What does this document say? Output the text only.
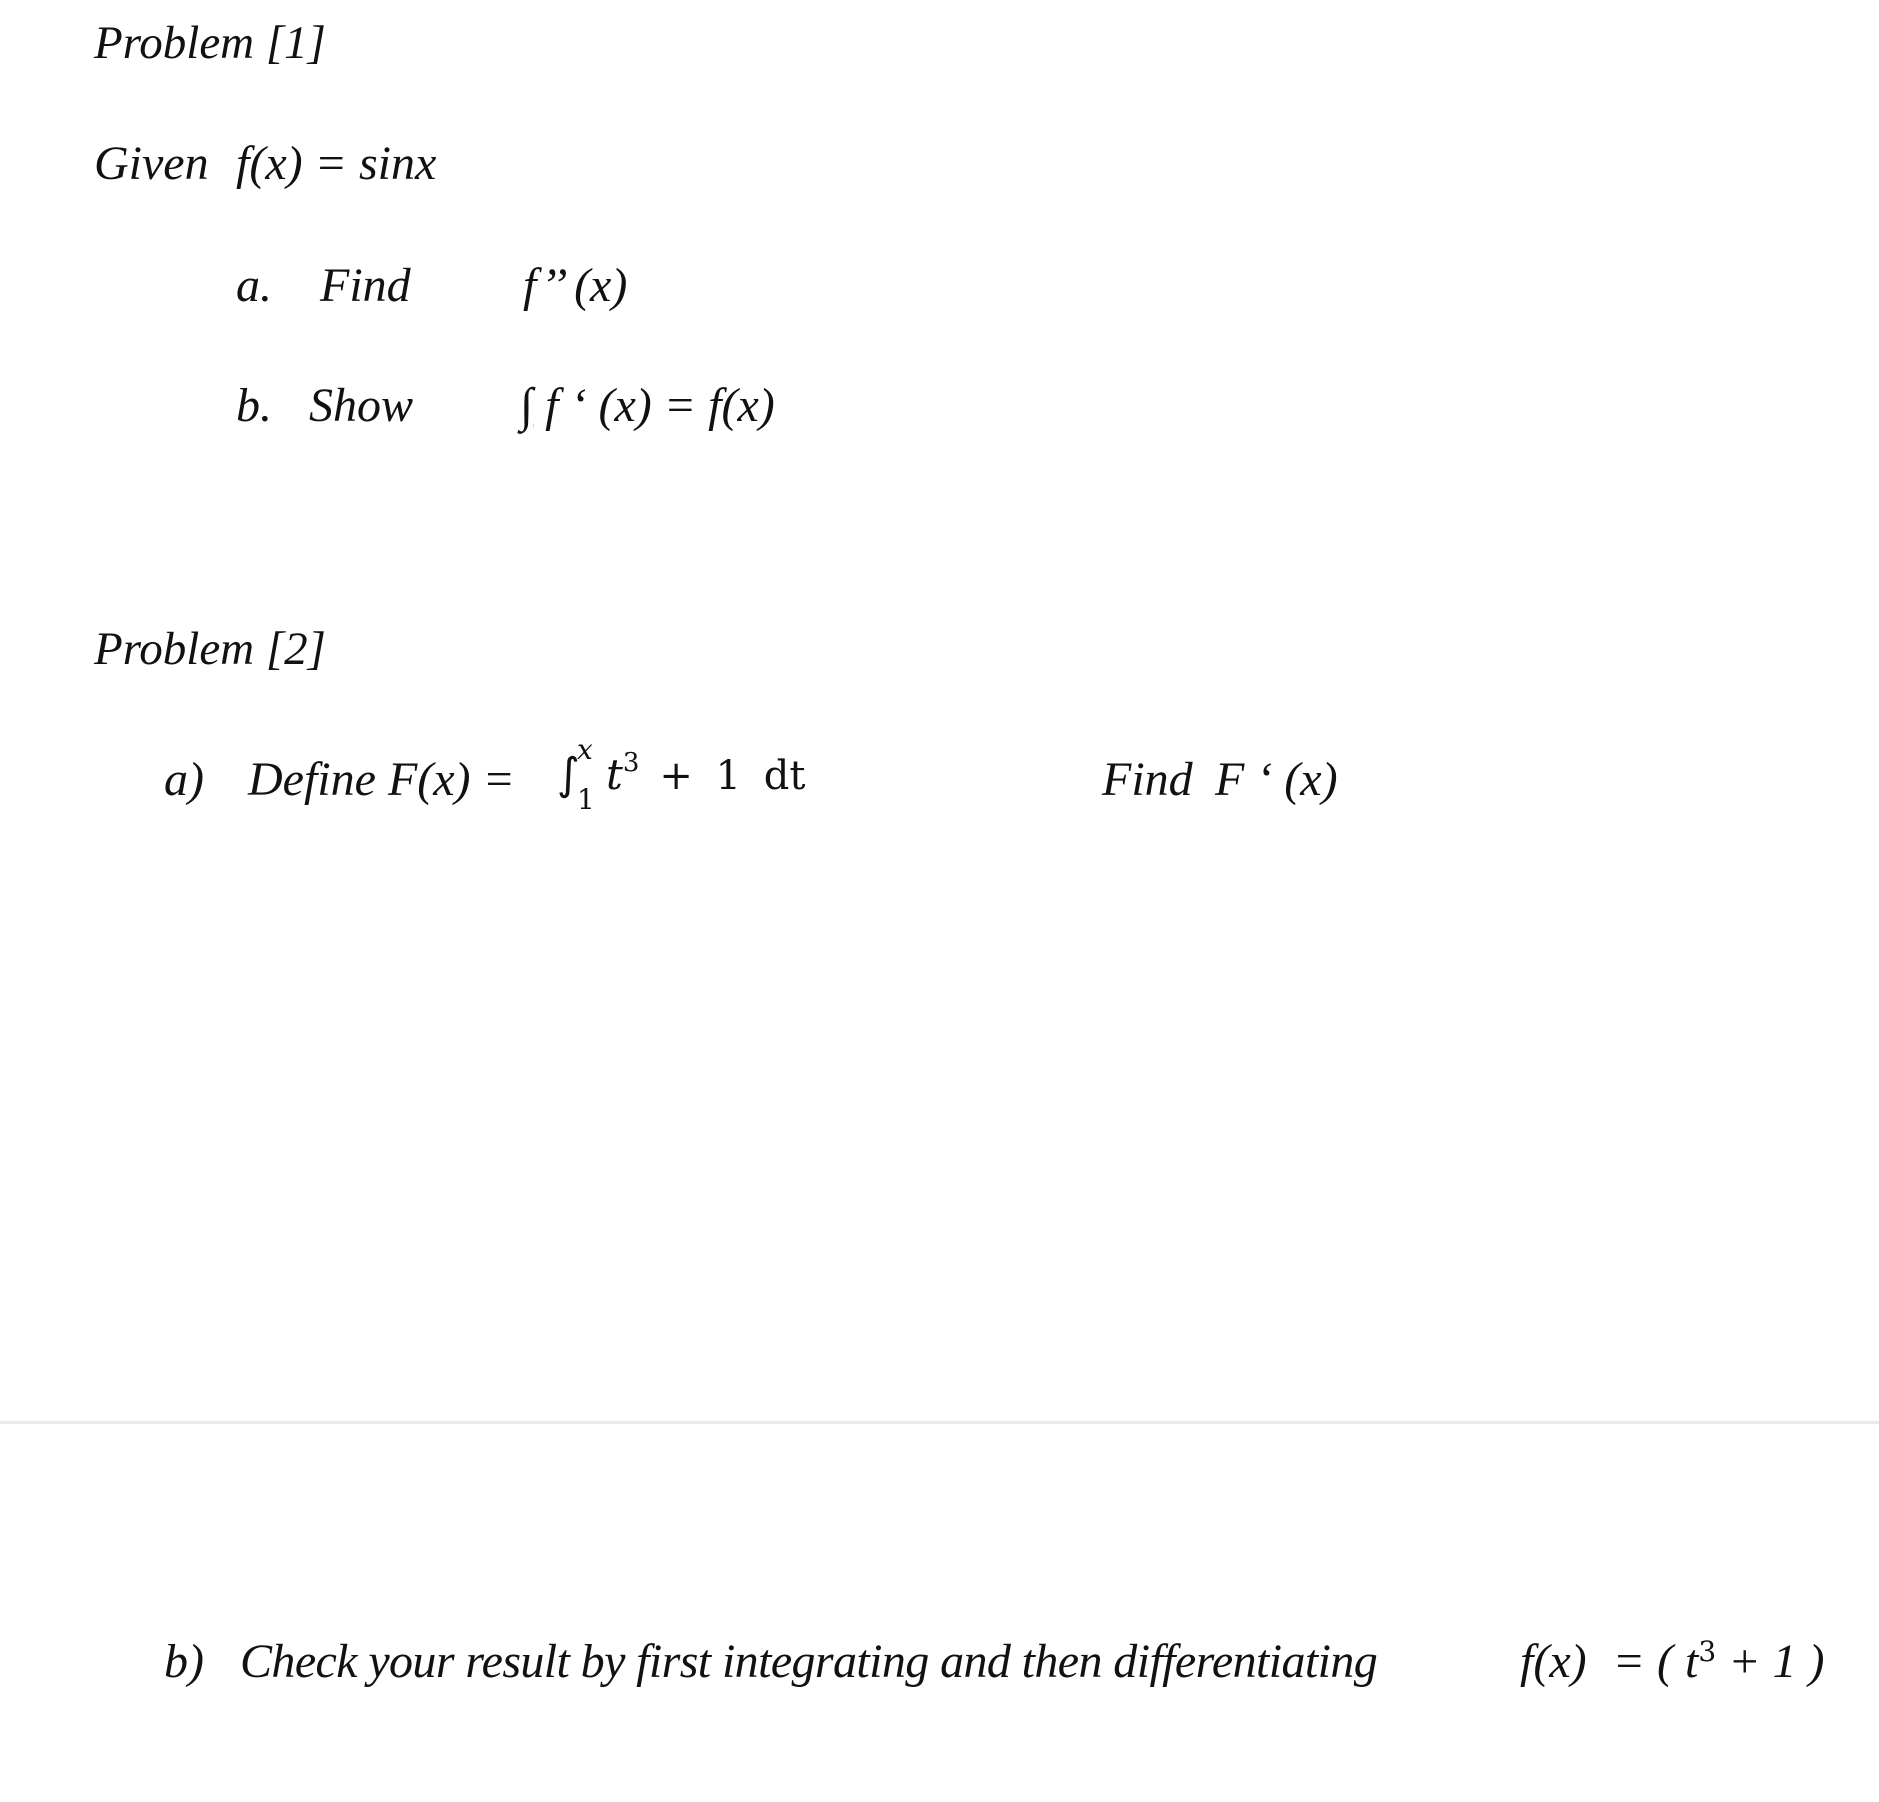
Problem [1]
Given f(x) = sinx
a. Find f’’ (x)
b. Show ∫ f ‘ (x) = f(x)
Problem [2]
a) Define F(x) = ∫
x
1
$t^3 + 1$ dt	Find F ‘ (x)
b) Check your result by first integrating and then differentiating	f(x) = ( $t^3 + 1$ )
